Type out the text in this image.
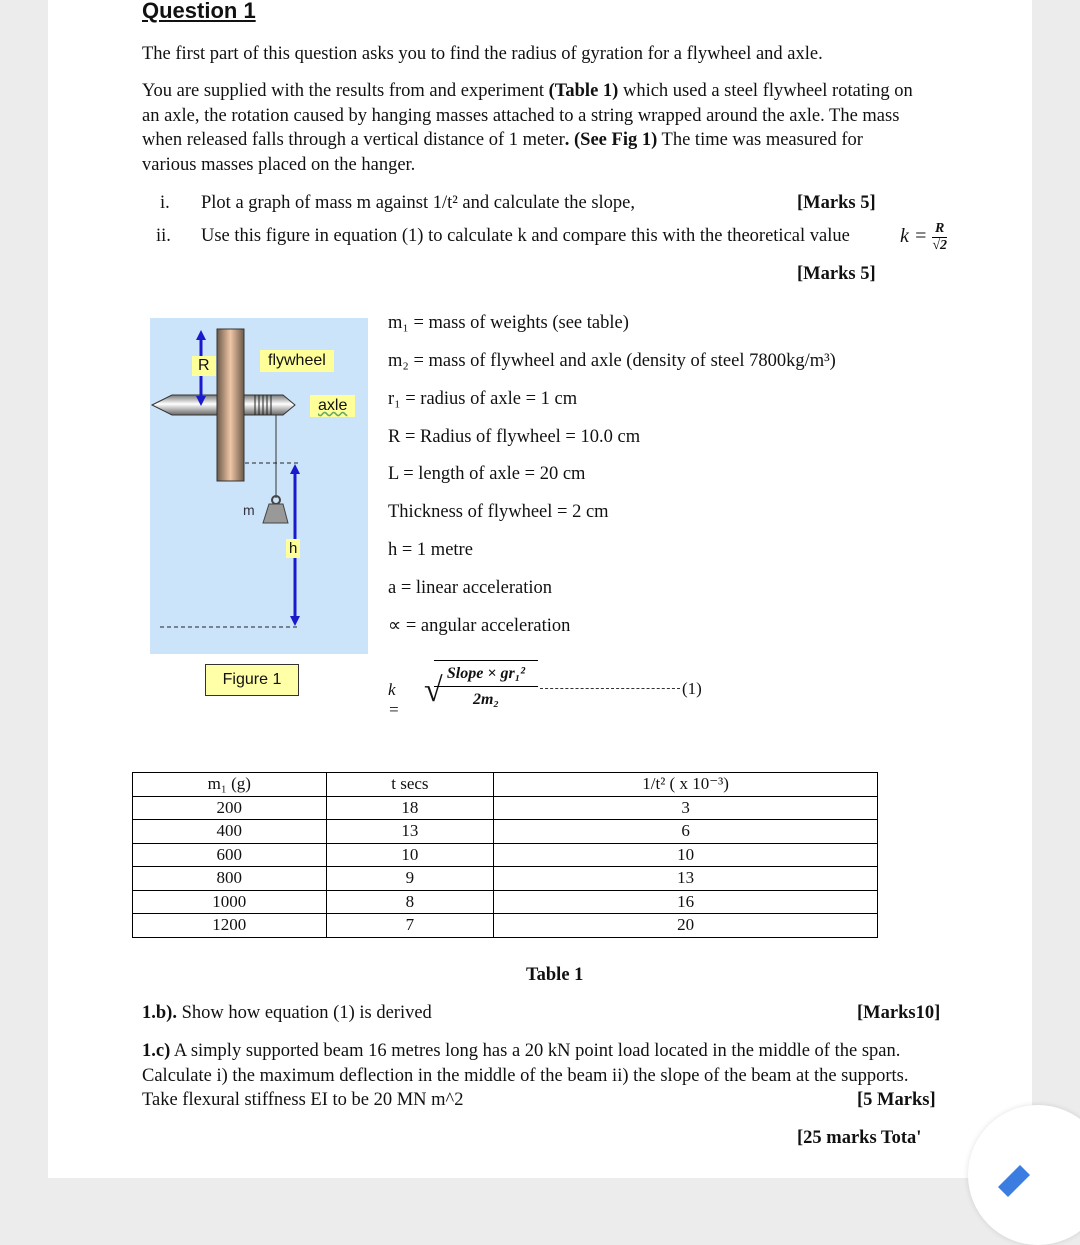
Question 1
The first part of this question asks you to find the radius of gyration for a flywheel and axle.
You are supplied with the results from and experiment (Table 1) which used a steel flywheel rotating on
an axle, the rotation caused by hanging masses attached to a string wrapped around the axle. The mass
when released falls through a vertical distance of 1 meter. (See Fig 1) The time was measured for
various masses placed on the hanger.
i. Plot a graph of mass m against 1/t² and calculate the slope,	[Marks 5]
ii. Use this figure in equation (1) to calculate k and compare this with the theoretical value	$k = \frac{R}{√2}$
[Marks 5]
R	flywheel
axle
m
h
Figure 1
m₁ = mass of weights (see table)
m₂ = mass of flywheel and axle (density of steel 7800kg/m³)
r₁ = radius of axle = 1 cm
R = Radius of flywheel = 10.0 cm
L = length of axle = 20 cm
Thickness of flywheel = 2 cm
h = 1 metre
a = linear acceleration
∝ = angular acceleration
k =
√ Slope × gr₁²
2m₂
(1)
m₁ (g)	t secs	1/t² ( x 10⁻³)
200	18	3
400	13	6
600	10	10
800	9	13
1000	8	16
1200	7	20
Table 1
1.b). Show how equation (1) is derived	[Marks10]
1.c) A simply supported beam 16 metres long has a 20 kN point load located in the middle of the span.
Calculate i) the maximum deflection in the middle of the beam ii) the slope of the beam at the supports.
Take flexural stiffness EI to be 20 MN m^2	[5 Marks]
[25 marks Tota'
